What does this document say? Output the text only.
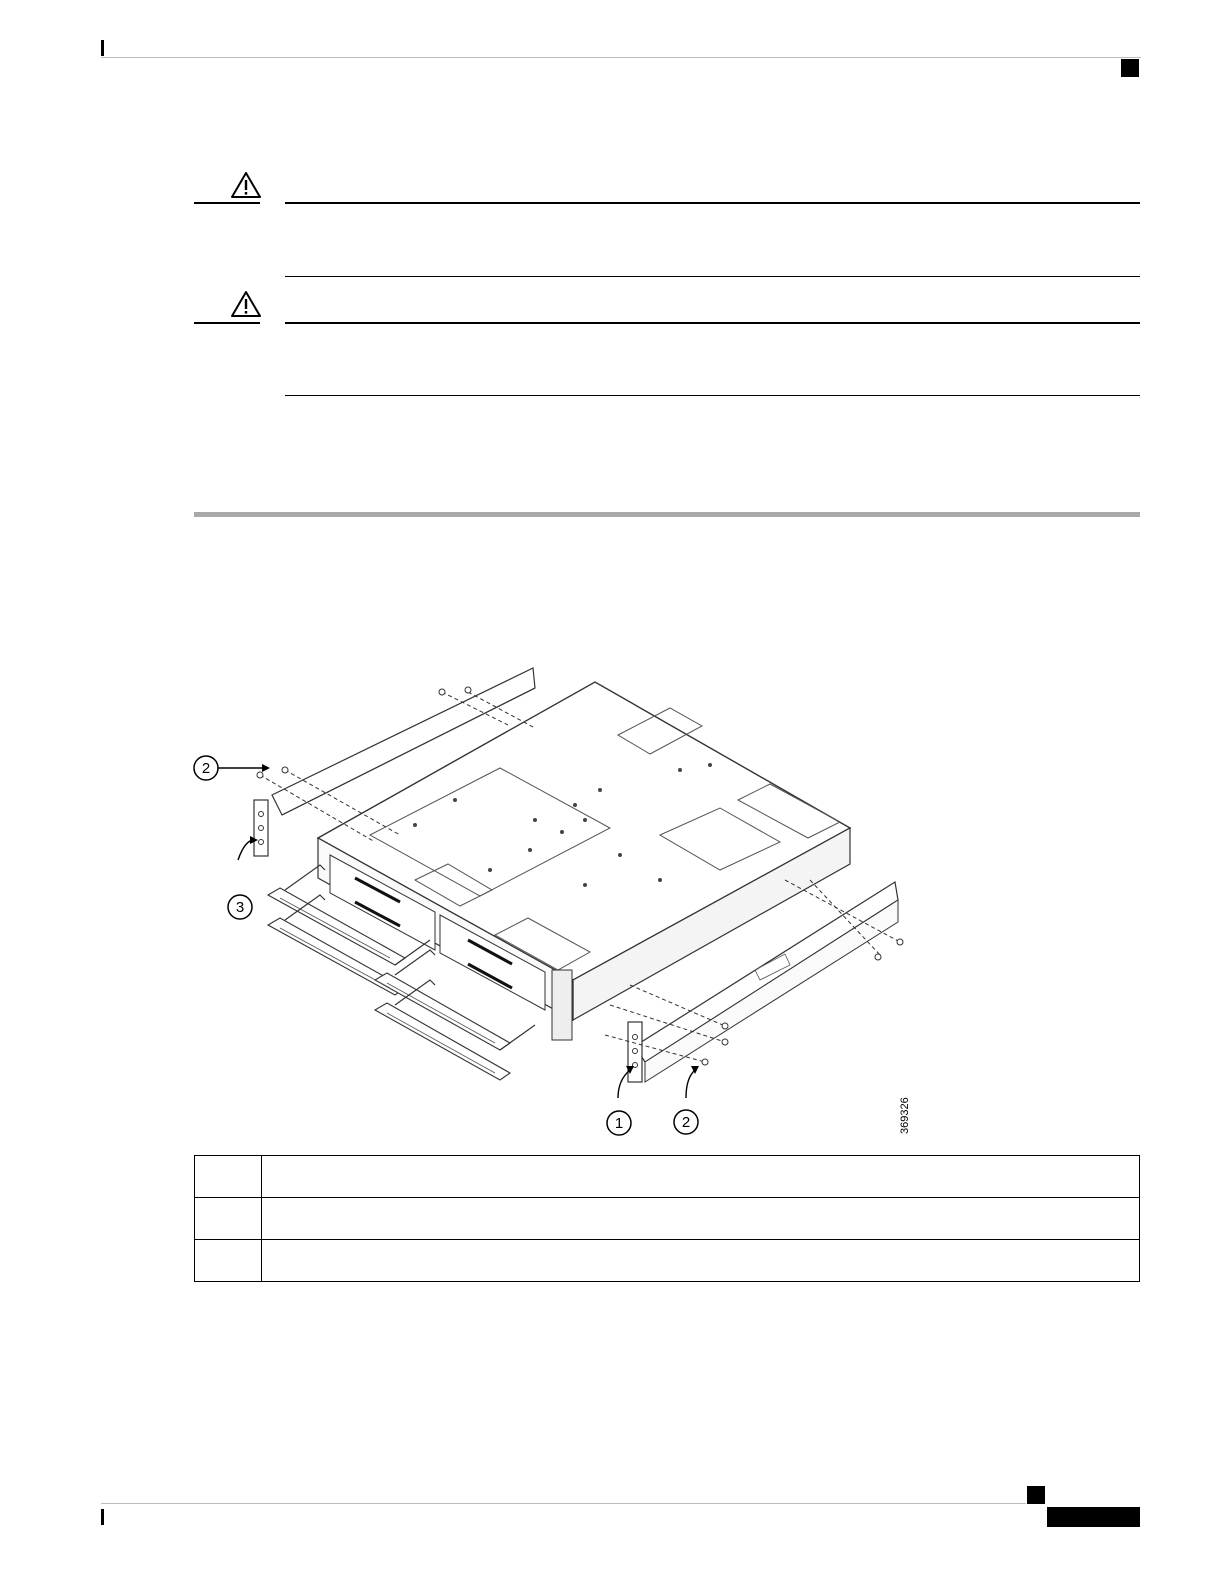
2
3
1	2	369326
